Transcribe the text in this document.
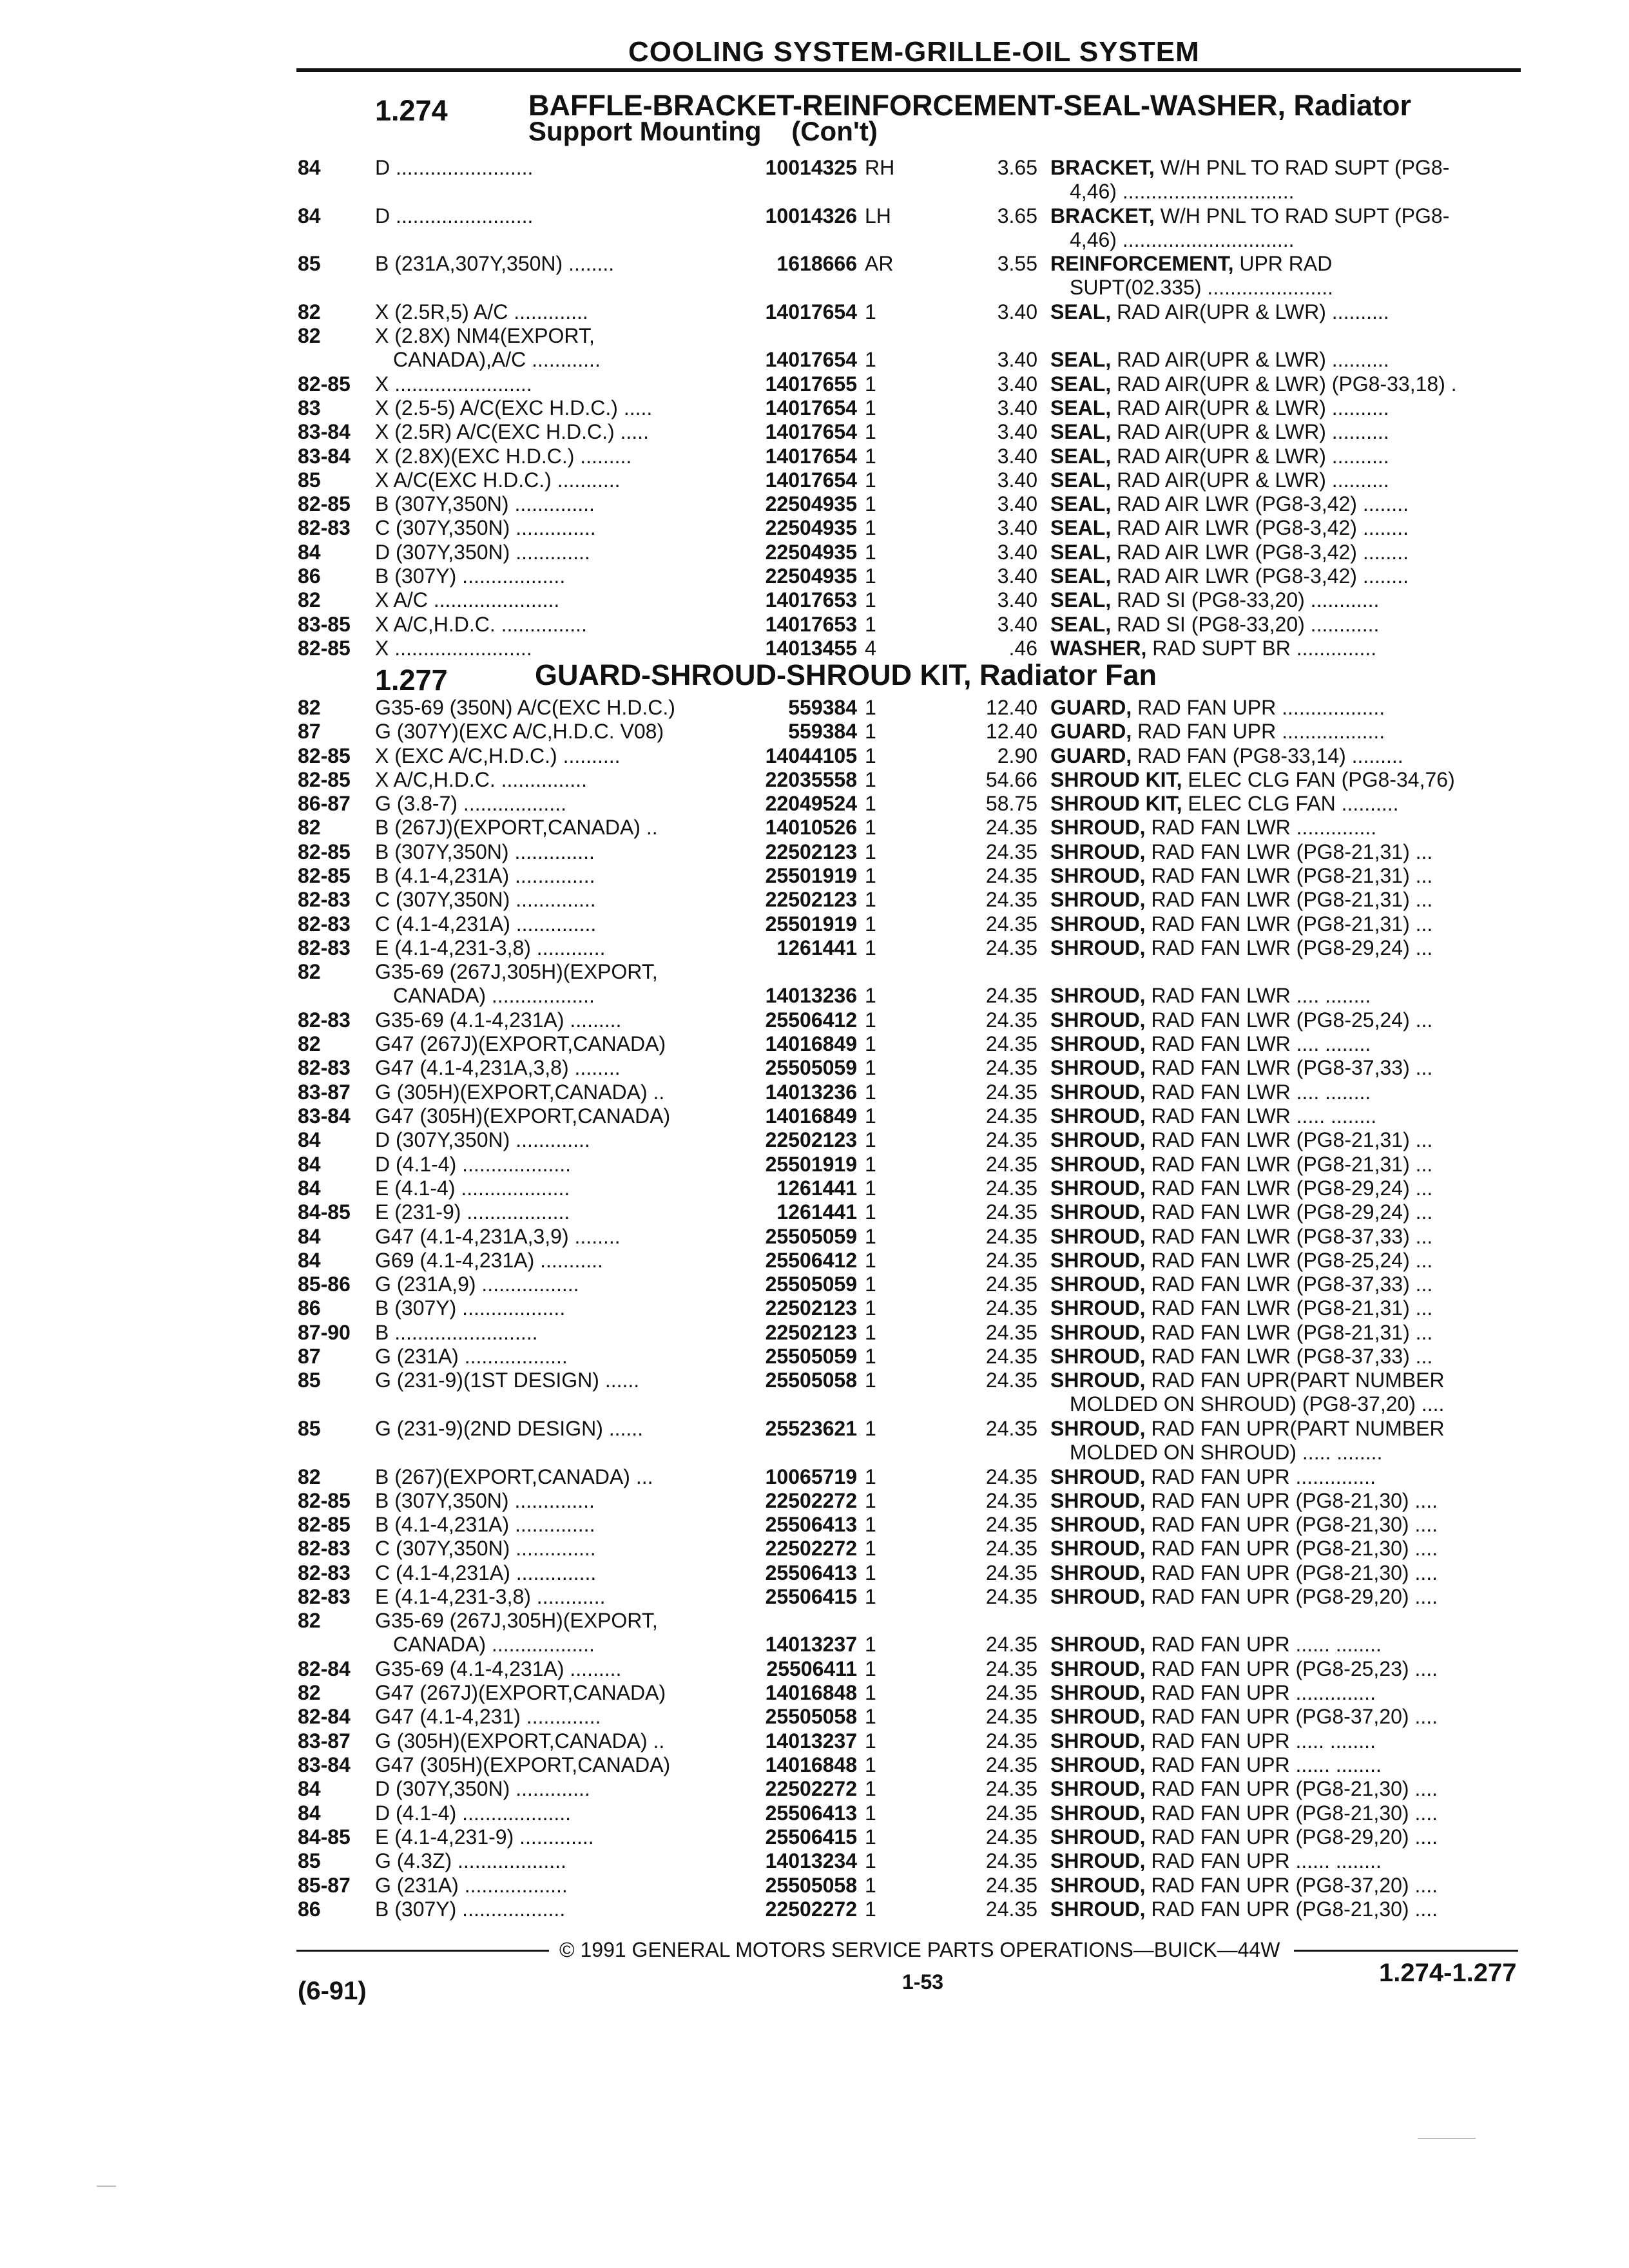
COOLING SYSTEM-GRILLE-OIL SYSTEM
1.274	BAFFLE-BRACKET-REINFORCEMENT-SEAL-WASHER, Radiator
Support Mounting    (Con't)
84	D ........................	10014325 RH	3.65 BRACKET, W/H PNL TO RAD SUPT (PG8-
4,46) ..............................
84	D ........................	10014326 LH	3.65 BRACKET, W/H PNL TO RAD SUPT (PG8-
4,46) ..............................
85	B (231A,307Y,350N) ........	1618666 AR	3.55 REINFORCEMENT, UPR RAD
SUPT(02.335) ......................
82	X (2.5R,5) A/C .............	14017654 1	3.40 SEAL, RAD AIR(UPR & LWR) ..........
82	X (2.8X) NM4(EXPORT,
CANADA),A/C ............	14017654 1	3.40 SEAL, RAD AIR(UPR & LWR) ..........
82-85 X ........................	14017655 1	3.40 SEAL, RAD AIR(UPR & LWR) (PG8-33,18) .
83	X (2.5-5) A/C(EXC H.D.C.) .....	14017654 1	3.40 SEAL, RAD AIR(UPR & LWR) ..........
83-84 X (2.5R) A/C(EXC H.D.C.) .....	14017654 1	3.40 SEAL, RAD AIR(UPR & LWR) ..........
83-84 X (2.8X)(EXC H.D.C.) .........	14017654 1	3.40 SEAL, RAD AIR(UPR & LWR) ..........
85	X A/C(EXC H.D.C.) ...........	14017654 1	3.40 SEAL, RAD AIR(UPR & LWR) ..........
82-85 B (307Y,350N) ..............	22504935 1	3.40 SEAL, RAD AIR LWR (PG8-3,42) ........
82-83 C (307Y,350N) ..............	22504935 1	3.40 SEAL, RAD AIR LWR (PG8-3,42) ........
84	D (307Y,350N) .............	22504935 1	3.40 SEAL, RAD AIR LWR (PG8-3,42) ........
86	B (307Y) ..................	22504935 1	3.40 SEAL, RAD AIR LWR (PG8-3,42) ........
82	X A/C ......................	14017653 1	3.40 SEAL, RAD SI (PG8-33,20) ............
83-85 X A/C,H.D.C. ...............	14017653 1	3.40 SEAL, RAD SI (PG8-33,20) ............
82-85 X ........................	14013455 4	.46 WASHER, RAD SUPT BR ..............
1.277	GUARD-SHROUD-SHROUD KIT, Radiator Fan
82	G35-69 (350N) A/C(EXC H.D.C.)	559384 1	12.40 GUARD, RAD FAN UPR ..................
87	G (307Y)(EXC A/C,H.D.C. V08)	559384 1	12.40 GUARD, RAD FAN UPR ..................
82-85 X (EXC A/C,H.D.C.) ..........	14044105 1	2.90 GUARD, RAD FAN (PG8-33,14) .........
82-85 X A/C,H.D.C. ...............	22035558 1	54.66 SHROUD KIT, ELEC CLG FAN (PG8-34,76)
86-87 G (3.8-7) ..................	22049524 1	58.75 SHROUD KIT, ELEC CLG FAN ..........
82	B (267J)(EXPORT,CANADA) ..	14010526 1	24.35 SHROUD, RAD FAN LWR ..............
82-85 B (307Y,350N) ..............	22502123 1	24.35 SHROUD, RAD FAN LWR (PG8-21,31) ...
82-85 B (4.1-4,231A) ..............	25501919 1	24.35 SHROUD, RAD FAN LWR (PG8-21,31) ...
82-83 C (307Y,350N) ..............	22502123 1	24.35 SHROUD, RAD FAN LWR (PG8-21,31) ...
82-83 C (4.1-4,231A) ..............	25501919 1	24.35 SHROUD, RAD FAN LWR (PG8-21,31) ...
82-83 E (4.1-4,231-3,8) ............	1261441 1	24.35 SHROUD, RAD FAN LWR (PG8-29,24) ...
82	G35-69 (267J,305H)(EXPORT,
CANADA) ..................	14013236 1	24.35 SHROUD, RAD FAN LWR .... ........
82-83 G35-69 (4.1-4,231A) .........	25506412 1	24.35 SHROUD, RAD FAN LWR (PG8-25,24) ...
82	G47 (267J)(EXPORT,CANADA)	14016849 1	24.35 SHROUD, RAD FAN LWR .... ........
82-83 G47 (4.1-4,231A,3,8) ........	25505059 1	24.35 SHROUD, RAD FAN LWR (PG8-37,33) ...
83-87 G (305H)(EXPORT,CANADA) ..	14013236 1	24.35 SHROUD, RAD FAN LWR .... ........
83-84 G47 (305H)(EXPORT,CANADA)	14016849 1	24.35 SHROUD, RAD FAN LWR ..... ........
84	D (307Y,350N) .............	22502123 1	24.35 SHROUD, RAD FAN LWR (PG8-21,31) ...
84	D (4.1-4) ...................	25501919 1	24.35 SHROUD, RAD FAN LWR (PG8-21,31) ...
84	E (4.1-4) ...................	1261441 1	24.35 SHROUD, RAD FAN LWR (PG8-29,24) ...
84-85 E (231-9) ..................	1261441 1	24.35 SHROUD, RAD FAN LWR (PG8-29,24) ...
84	G47 (4.1-4,231A,3,9) ........	25505059 1	24.35 SHROUD, RAD FAN LWR (PG8-37,33) ...
84	G69 (4.1-4,231A) ...........	25506412 1	24.35 SHROUD, RAD FAN LWR (PG8-25,24) ...
85-86 G (231A,9) .................	25505059 1	24.35 SHROUD, RAD FAN LWR (PG8-37,33) ...
86	B (307Y) ..................	22502123 1	24.35 SHROUD, RAD FAN LWR (PG8-21,31) ...
87-90 B .........................	22502123 1	24.35 SHROUD, RAD FAN LWR (PG8-21,31) ...
87	G (231A) ..................	25505059 1	24.35 SHROUD, RAD FAN LWR (PG8-37,33) ...
85	G (231-9)(1ST DESIGN) ......	25505058 1	24.35 SHROUD, RAD FAN UPR(PART NUMBER
MOLDED ON SHROUD) (PG8-37,20) ....
85	G (231-9)(2ND DESIGN) ......	25523621 1	24.35 SHROUD, RAD FAN UPR(PART NUMBER
MOLDED ON SHROUD) ..... ........
82	B (267)(EXPORT,CANADA) ...	10065719 1	24.35 SHROUD, RAD FAN UPR ..............
82-85 B (307Y,350N) ..............	22502272 1	24.35 SHROUD, RAD FAN UPR (PG8-21,30) ....
82-85 B (4.1-4,231A) ..............	25506413 1	24.35 SHROUD, RAD FAN UPR (PG8-21,30) ....
82-83 C (307Y,350N) ..............	22502272 1	24.35 SHROUD, RAD FAN UPR (PG8-21,30) ....
82-83 C (4.1-4,231A) ..............	25506413 1	24.35 SHROUD, RAD FAN UPR (PG8-21,30) ....
82-83 E (4.1-4,231-3,8) ............	25506415 1	24.35 SHROUD, RAD FAN UPR (PG8-29,20) ....
82	G35-69 (267J,305H)(EXPORT,
CANADA) ..................	14013237 1	24.35 SHROUD, RAD FAN UPR ...... ........
82-84 G35-69 (4.1-4,231A) .........	25506411 1	24.35 SHROUD, RAD FAN UPR (PG8-25,23) ....
82	G47 (267J)(EXPORT,CANADA)	14016848 1	24.35 SHROUD, RAD FAN UPR ..............
82-84 G47 (4.1-4,231) .............	25505058 1	24.35 SHROUD, RAD FAN UPR (PG8-37,20) ....
83-87 G (305H)(EXPORT,CANADA) ..	14013237 1	24.35 SHROUD, RAD FAN UPR ..... ........
83-84 G47 (305H)(EXPORT,CANADA)	14016848 1	24.35 SHROUD, RAD FAN UPR ...... ........
84	D (307Y,350N) .............	22502272 1	24.35 SHROUD, RAD FAN UPR (PG8-21,30) ....
84	D (4.1-4) ...................	25506413 1	24.35 SHROUD, RAD FAN UPR (PG8-21,30) ....
84-85 E (4.1-4,231-9) .............	25506415 1	24.35 SHROUD, RAD FAN UPR (PG8-29,20) ....
85	G (4.3Z) ...................	14013234 1	24.35 SHROUD, RAD FAN UPR ...... ........
85-87 G (231A) ..................	25505058 1	24.35 SHROUD, RAD FAN UPR (PG8-37,20) ....
86	B (307Y) ..................	22502272 1	24.35 SHROUD, RAD FAN UPR (PG8-21,30) ....
© 1991 GENERAL MOTORS SERVICE PARTS OPERATIONS—BUICK—44W
(6-91)	1-53	1.274-1.277
